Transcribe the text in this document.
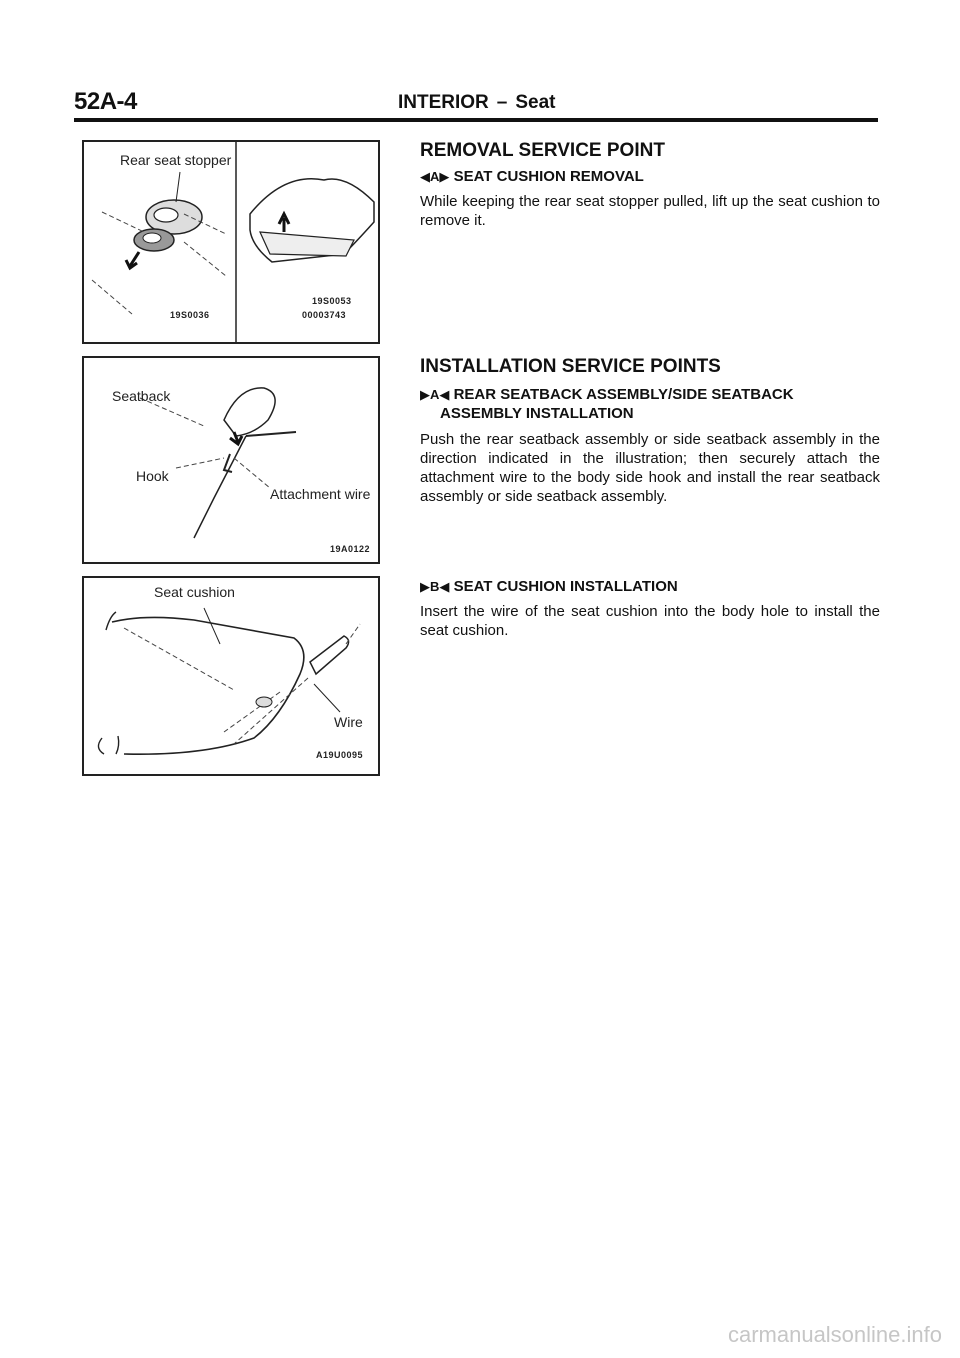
52A-4	INTERIOR – Seat
Rear seat stopper
19S0036
19S0053
00003743
Seatback
Hook
Attachment wire
19A0122
Seat cushion
Wire
A19U0095
REMOVAL SERVICE POINT
◀A▶ SEAT CUSHION REMOVAL
While keeping the rear seat stopper pulled, lift up the seat cushion to remove it.
INSTALLATION SERVICE POINTS
▶A◀ REAR SEATBACK ASSEMBLY/SIDE SEATBACK
ASSEMBLY INSTALLATION
Push the rear seatback assembly or side seatback assembly in the direction indicated in the illustration; then securely attach the attachment wire to the body side hook and install the rear seatback assembly or side seatback assembly.
▶B◀ SEAT CUSHION INSTALLATION
Insert the wire of the seat cushion into the body hole to install the seat cushion.
carmanualsonline.info
